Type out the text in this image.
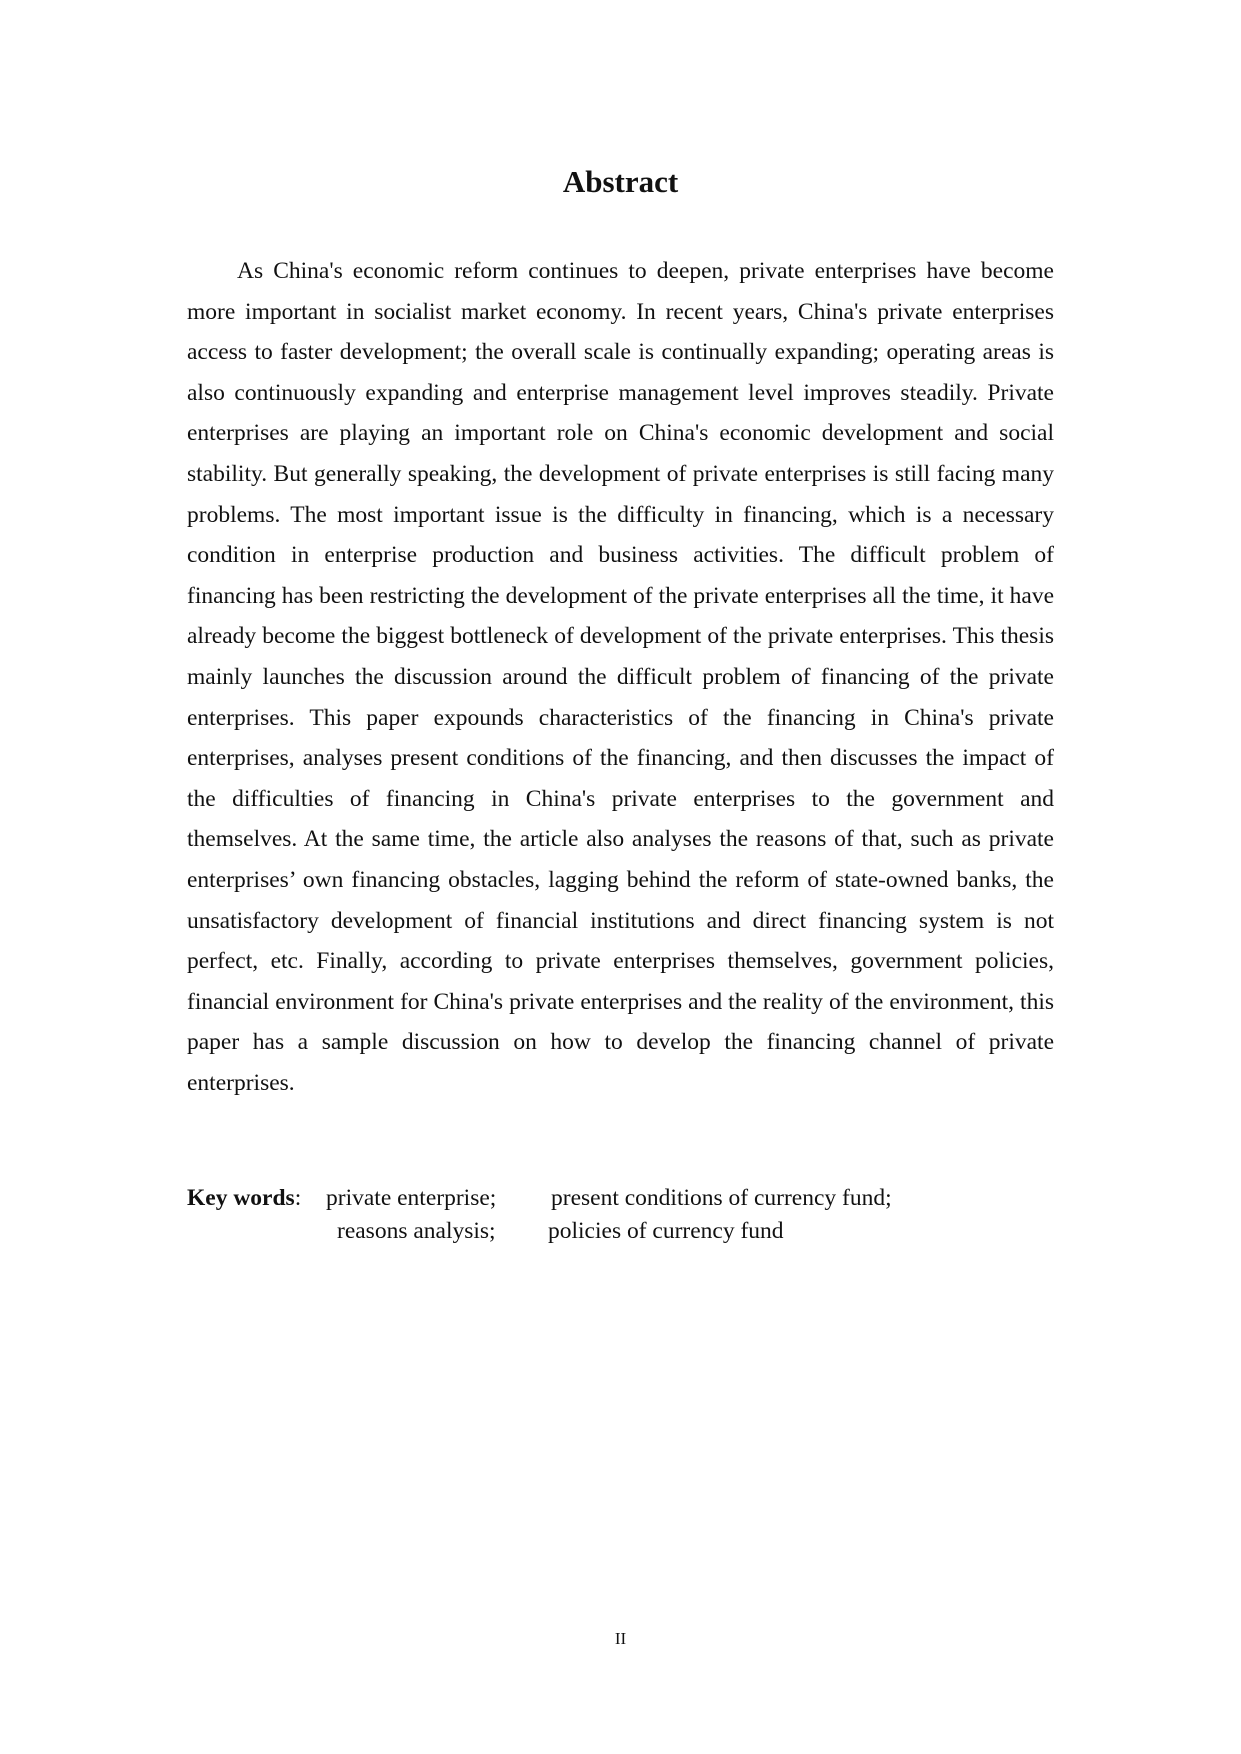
Abstract

As China's economic reform continues to deepen, private enterprises have become more important in socialist market economy. In recent years, China's private enterprises access to faster development; the overall scale is continually expanding; operating areas is also continuously expanding and enterprise management level improves steadily. Private enterprises are playing an important role on China's economic development and social stability. But generally speaking, the development of private enterprises is still facing many problems. The most important issue is the difficulty in financing, which is a necessary condition in enterprise production and business activities. The difficult problem of financing has been restricting the development of the private enterprises all the time, it have already become the biggest bottleneck of development of the private enterprises. This thesis mainly launches the discussion around the difficult problem of financing of the private enterprises. This paper expounds characteristics of the financing in China's private enterprises, analyses present conditions of the financing, and then discusses the impact of the difficulties of financing in China's private enterprises to the government and themselves. At the same time, the article also analyses the reasons of that, such as private enterprises’ own financing obstacles, lagging behind the reform of state-owned banks, the unsatisfactory development of financial institutions and direct financing system is not perfect, etc. Finally, according to private enterprises themselves, government policies, financial environment for China's private enterprises and the reality of the environment, this paper has a sample discussion on how to develop the financing channel of private enterprises.

Key words: private enterprise; present conditions of currency fund;
reasons analysis; policies of currency fund
II
